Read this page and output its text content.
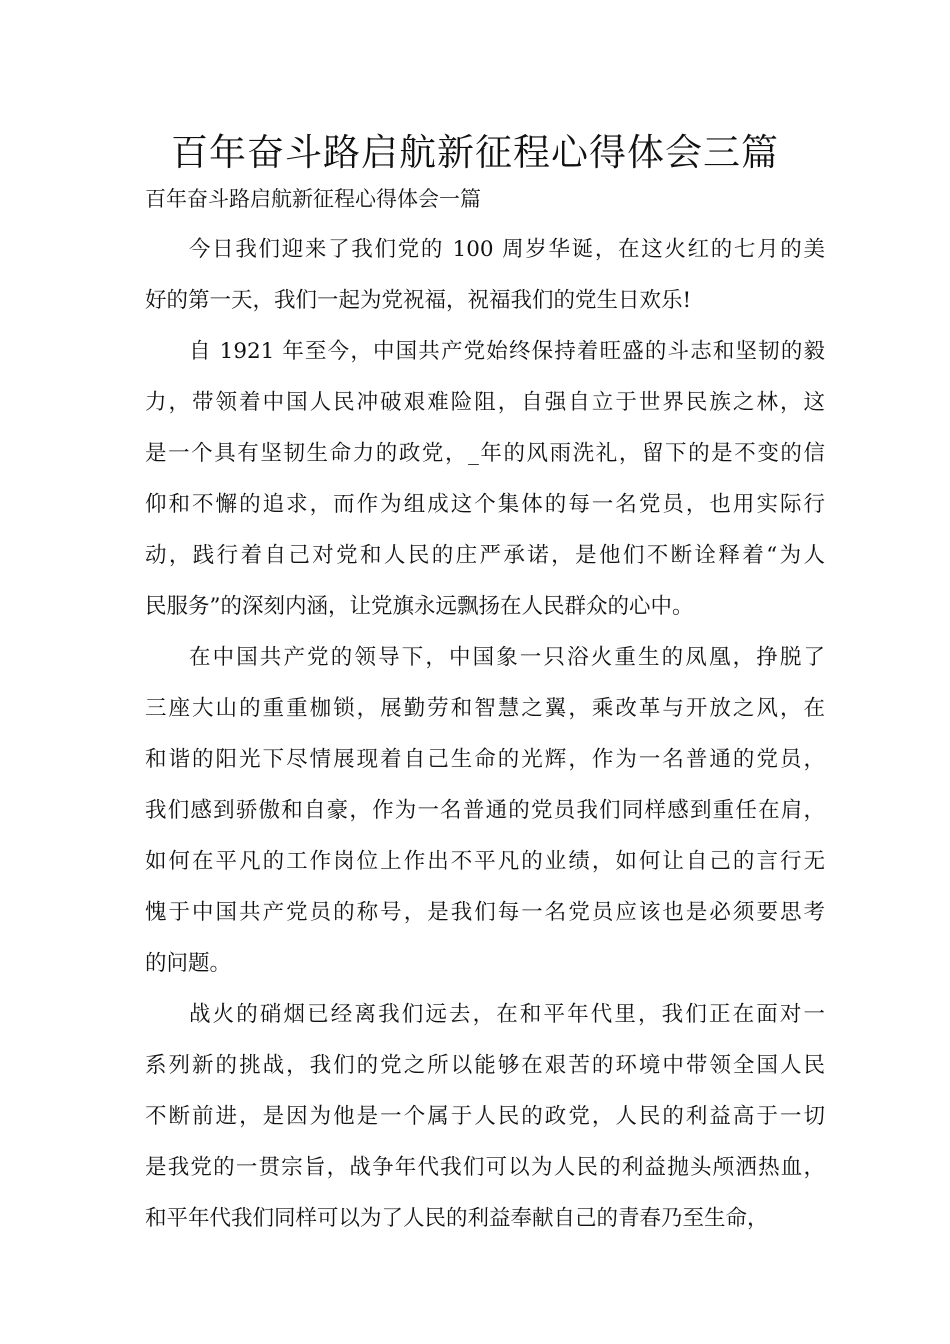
百年奋斗路启航新征程心得体会三篇

百年奋斗路启航新征程心得体会一篇

今日我们迎来了我们党的 100 周岁华诞，在这火红的七月的美
好的第一天，我们一起为党祝福，祝福我们的党生日欢乐!
自 1921 年至今，中国共产党始终保持着旺盛的斗志和坚韧的毅
力，带领着中国人民冲破艰难险阻，自强自立于世界民族之林，这
是一个具有坚韧生命力的政党，_年的风雨洗礼，留下的是不变的信
仰和不懈的追求，而作为组成这个集体的每一名党员，也用实际行
动，践行着自己对党和人民的庄严承诺，是他们不断诠释着“为人
民服务”的深刻内涵，让党旗永远飘扬在人民群众的心中。
在中国共产党的领导下，中国象一只浴火重生的凤凰，挣脱了
三座大山的重重枷锁，展勤劳和智慧之翼，乘改革与开放之风，在
和谐的阳光下尽情展现着自己生命的光辉，作为一名普通的党员，
我们感到骄傲和自豪，作为一名普通的党员我们同样感到重任在肩，
如何在平凡的工作岗位上作出不平凡的业绩，如何让自己的言行无
愧于中国共产党员的称号，是我们每一名党员应该也是必须要思考
的问题。
战火的硝烟已经离我们远去，在和平年代里，我们正在面对一
系列新的挑战，我们的党之所以能够在艰苦的环境中带领全国人民
不断前进，是因为他是一个属于人民的政党，人民的利益高于一切
是我党的一贯宗旨，战争年代我们可以为人民的利益抛头颅洒热血，
和平年代我们同样可以为了人民的利益奉献自己的青春乃至生命，
